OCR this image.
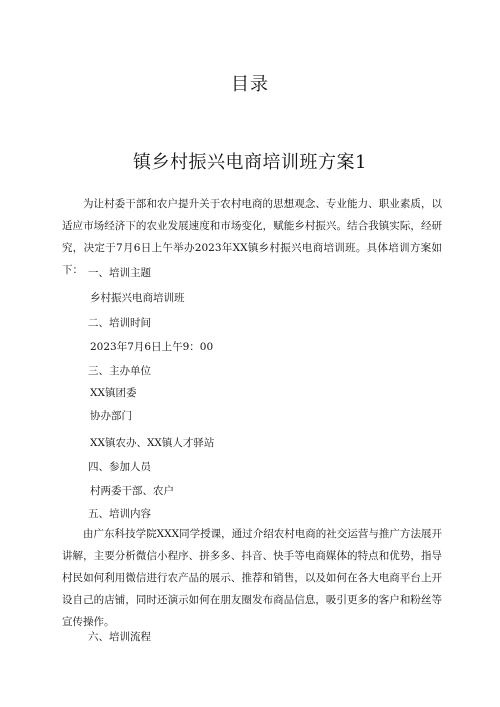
目录
镇乡村振兴电商培训班方案1

为让村委干部和农户提升关于农村电商的思想观念、专业能力、职业素质，以适应市场经济下的农业发展速度和市场变化，赋能乡村振兴。结合我镇实际，经研究，决定于7月6日上午举办2023年XX镇乡村振兴电商培训班。具体培训方案如下： 一、培训主题
乡村振兴电商培训班
二、培训时间
2023年7月6日上午9：00
三、主办单位
XX镇团委
协办部门
XX镇农办、XX镇人才驿站
四、参加人员
村两委干部、农户
五、培训内容

由广东科技学院XXX同学授课，通过介绍农村电商的社交运营与推广方法展开讲解，主要分析微信小程序、拼多多、抖音、快手等电商媒体的特点和优势，指导村民如何利用微信进行农产品的展示、推荐和销售，以及如何在各大电商平台上开设自己的店铺，同时还演示如何在朋友圈发布商品信息，吸引更多的客户和粉丝等宣传操作。

六、培训流程
